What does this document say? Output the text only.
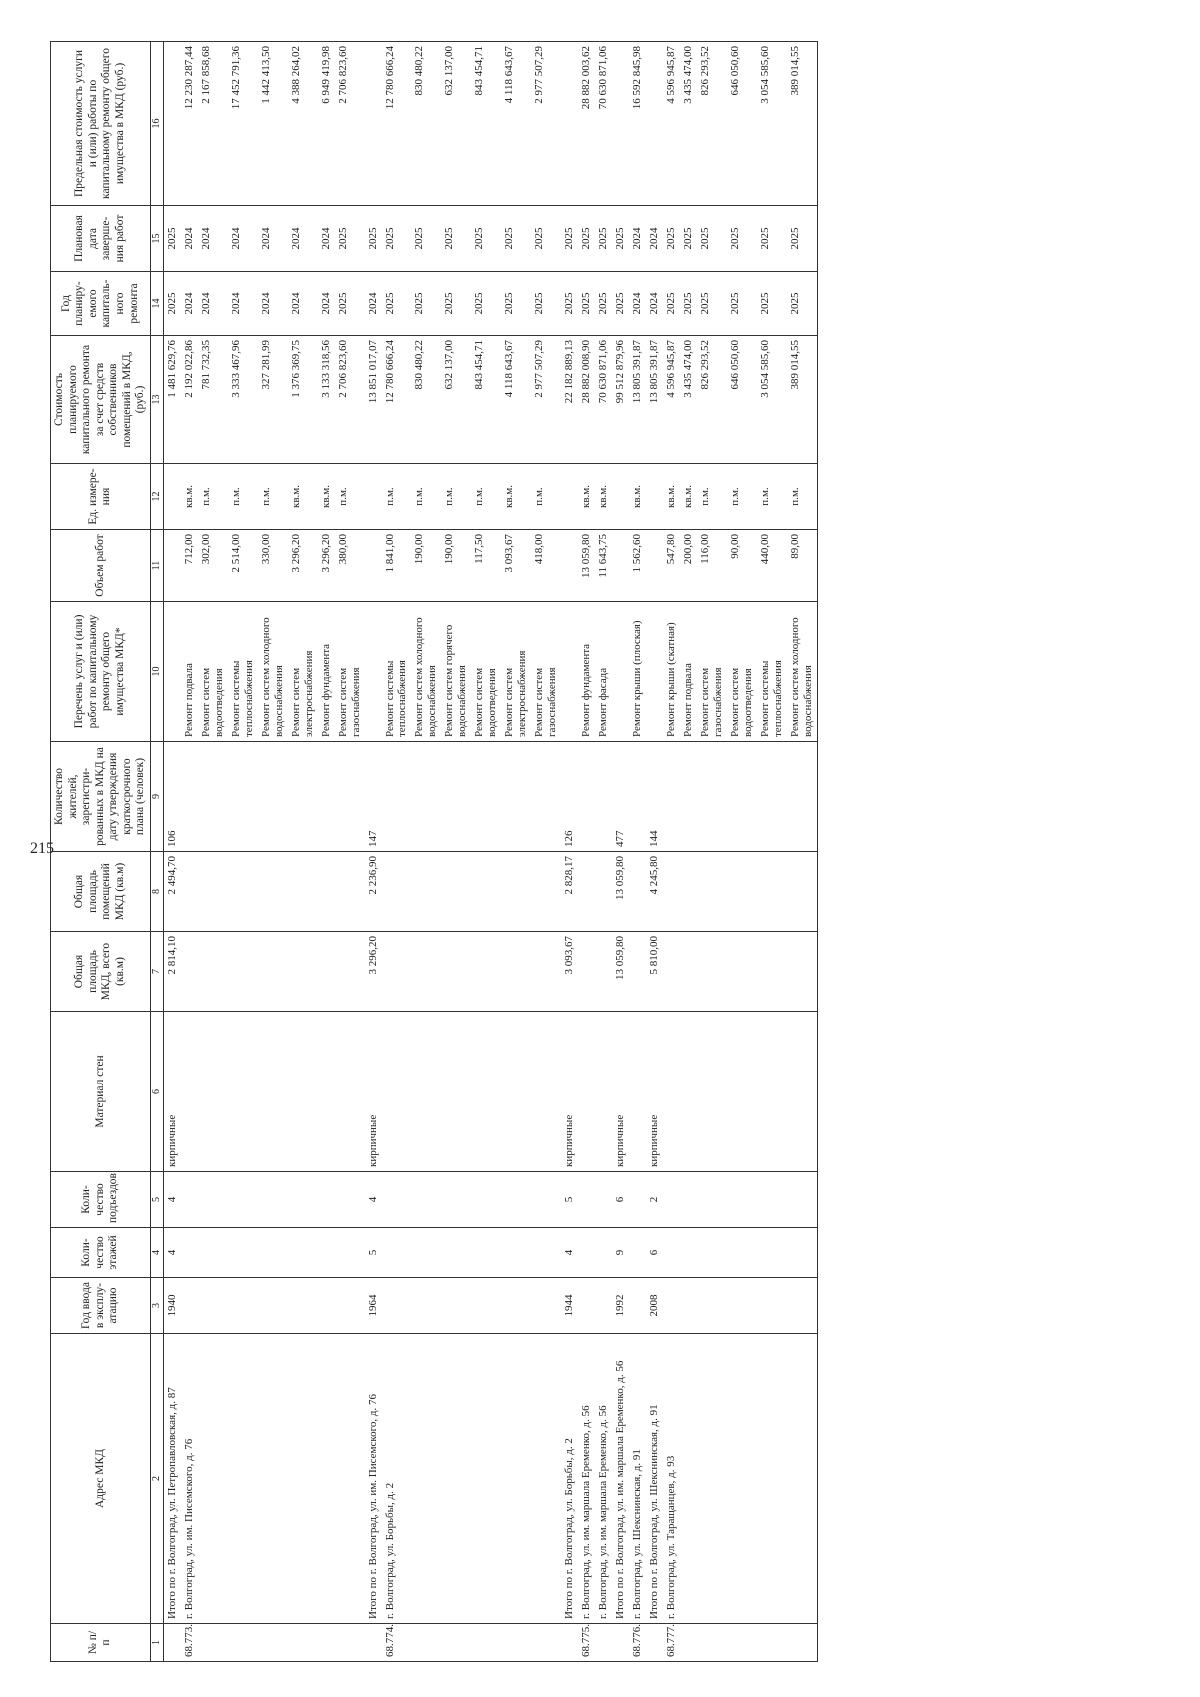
215
№ п/п	Адрес МКД	Год ввода в эксплу-атацию	Коли-чество этажей	Коли-чество подъездов	Материал стен	Общая площадь МКД, всего (кв.м)	Общая площадь помещений МКД (кв.м)	Количество жителей, зарегистри-рованных в МКД на дату утверждения краткосрочного плана (человек)	Перечень услуг и (или) работ по капитальному ремонту общего имущества МКД*	Объем работ	Ед. измере-ния	Стоимость планируемого капитального ремонта за счет средств собственников помещений в МКД, (руб.)	Год планиру-емого капиталь-ного ремонта	Плановая дата заверше-ния работ	Предельная стоимость услуги и (или) работы по капитальному ремонту общего имущества в МКД (руб.)
1	2	3	4	5	6	7	8	9	10	11	12	13	14	15	16
	Итого по г. Волгоград, ул. Петропавловская, д. 87	1940	4	4	кирпичные	2 814,10	2 494,70	106				1 481 629,76	2025	2025	
68.773.	г. Волгоград, ул. им. Писемского, д. 76								Ремонт подвала	712,00	кв.м.	2 192 022,86	2024	2024	12 230 287,44
									Ремонт систем водоотведения	302,00	п.м.	781 732,35	2024	2024	2 167 858,68
									Ремонт системы теплоснабжения	2 514,00	п.м.	3 333 467,96	2024	2024	17 452 791,36
									Ремонт систем холодного водоснабжения	330,00	п.м.	327 281,99	2024	2024	1 442 413,50
									Ремонт систем электроснабжения	3 296,20	кв.м.	1 376 369,75	2024	2024	4 388 264,02
									Ремонт фундамента	3 296,20	кв.м.	3 133 318,56	2024	2024	6 949 419,98
									Ремонт систем газоснабжения	380,00	п.м.	2 706 823,60	2025	2025	2 706 823,60
	Итого по г. Волгоград, ул. им. Писемского, д. 76	1964	5	4	кирпичные	3 296,20	2 236,90	147				13 851 017,07	2024	2025	
68.774.	г. Волгоград, ул. Борьбы, д. 2								Ремонт системы теплоснабжения	1 841,00	п.м.	12 780 666,24	2025	2025	12 780 666,24
									Ремонт систем холодного водоснабжения	190,00	п.м.	830 480,22	2025	2025	830 480,22
									Ремонт систем горячего водоснабжения	190,00	п.м.	632 137,00	2025	2025	632 137,00
									Ремонт систем водоотведения	117,50	п.м.	843 454,71	2025	2025	843 454,71
									Ремонт систем электроснабжения	3 093,67	кв.м.	4 118 643,67	2025	2025	4 118 643,67
									Ремонт систем газоснабжения	418,00	п.м.	2 977 507,29	2025	2025	2 977 507,29
	Итого по г. Волгоград, ул. Борьбы, д. 2	1944	4	5	кирпичные	3 093,67	2 828,17	126				22 182 889,13	2025	2025	
68.775.	г. Волгоград, ул. им. маршала Еременко, д. 56								Ремонт фундамента	13 059,80	кв.м.	28 882 008,90	2025	2025	28 882 003,62
	г. Волгоград, ул. им. маршала Еременко, д. 56								Ремонт фасада	11 643,75	кв.м.	70 630 871,06	2025	2025	70 630 871,06
	Итого по г. Волгоград, ул. им. маршала Еременко, д. 56	1992	9	6	кирпичные	13 059,80	13 059,80	477				99 512 879,96	2025	2025	
68.776.	г. Волгоград, ул. Шекснинская, д. 91								Ремонт крыши (плоская)	1 562,60	кв.м.	13 805 391,87	2024	2024	16 592 845,98
	Итого по г. Волгоград, ул. Шекснинская, д. 91	2008	6	2	кирпичные	5 810,00	4 245,80	144				13 805 391,87	2024	2024	
68.777.	г. Волгоград, ул. Таращанцев, д. 93								Ремонт крыши (скатная)	547,80	кв.м.	4 596 945,87	2025	2025	4 596 945,87
									Ремонт подвала	200,00	кв.м.	3 435 474,00	2025	2025	3 435 474,00
									Ремонт систем газоснабжения	116,00	п.м.	826 293,52	2025	2025	826 293,52
									Ремонт систем водоотведения	90,00	п.м.	646 050,60	2025	2025	646 050,60
									Ремонт системы теплоснабжения	440,00	п.м.	3 054 585,60	2025	2025	3 054 585,60
									Ремонт систем холодного водоснабжения	89,00	п.м.	389 014,55	2025	2025	389 014,55
